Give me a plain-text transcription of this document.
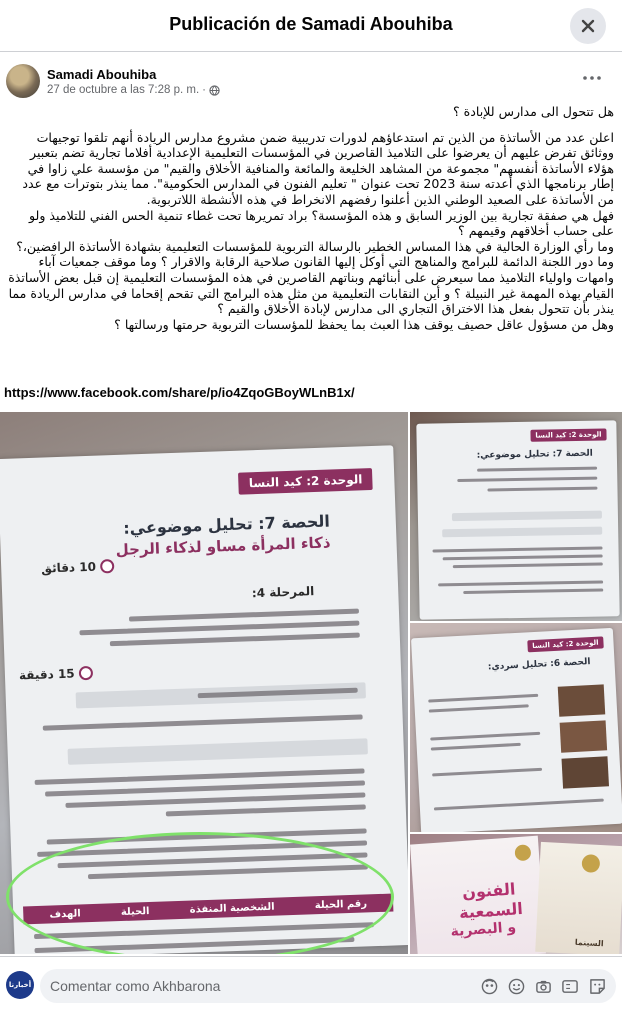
Publicación de Samadi Abouhiba
Samadi Abouhiba
27 de octubre a las 7:28 p. m. ·

هل تتحول الى مدارس للإبادة ؟

اعلن عدد من الأساتذة من الذين تم استدعاؤهم لدورات تدريبية ضمن مشروع مدارس الريادة أنهم تلقوا توجيهات ووثائق تفرض عليهم أن يعرضوا على التلاميذ القاصرين في المؤسسات التعليمية الإعدادية أفلاما تجارية تضم بتعبير هؤلاء الأساتذة أنفسهم" مجموعة من المشاهد الخليعة والمائعة والمنافية الأخلاق والقيم" من مؤسسة علي زاوا في إطار برنامجها الذي أعدته سنة 2023 تحت عنوان " تعليم الفنون في المدارس الحكومية". مما ينذر بتوترات مع عدد من الأساتذة على الصعيد الوطني الذين أعلنوا رفضهم الانخراط في هذه الأنشطة اللاتربوية.

فهل هي صفقة تجارية بين الوزير السابق و هذه المؤسسة؟ براد تمريرها تحت غطاء تنمية الحس الفني للتلاميذ ولو على حساب أخلاقهم وقيمهم ؟

وما رأي الوزارة الحالية في هذا المساس الخطير بالرسالة التربوية للمؤسسات التعليمية بشهادة الأساتذة الرافضين،؟ وما دور اللجنة الدائمة للبرامج والمناهج التي أوكل إليها القانون صلاحية الرقابة والاقرار ؟ وما موقف جمعيات آباء وامهات واولياء التلاميذ مما سيعرض على أبنائهم وبناتهم القاصرين في هذه المؤسسات التعليمية إن قبل بعض الأساتذة القيام بهذه المهمة غير النبيلة ؟ و أين النقابات التعليمية من مثل هذه البرامج التي تقحم إقحاما في مدارس الريادة مما ينذر بأن تتحول بفعل هذا الاختراق التجاري الى مدارس لإبادة الأخلاق والقيم ؟

وهل من مسؤول عاقل حصيف يوقف هذا العبث بما يحفظ للمؤسسات التربوية حرمتها ورسالتها ؟

https://www.facebook.com/share/p/io4ZqoGBoyWLnB1x/
الوحدة 2: كيد النسا
الحصة 7: تحليل موضوعي:
ذكاء المرأة مساو لذكاء الرجل
10 دقائق
المرحلة 4:
15 دقيقة
رقم الحيلة
الشخصية المنفذة
الحيلة
الهدف
الوحدة 2: كيد النسا
الحصة 7: تحليل موضوعي:
الوحدة 2: كيد النسا
الحصة 6: تحليل سردي:
الفنون
السمعية
و البصرية
السينما
أخبارنا
Comentar como Akhbarona
